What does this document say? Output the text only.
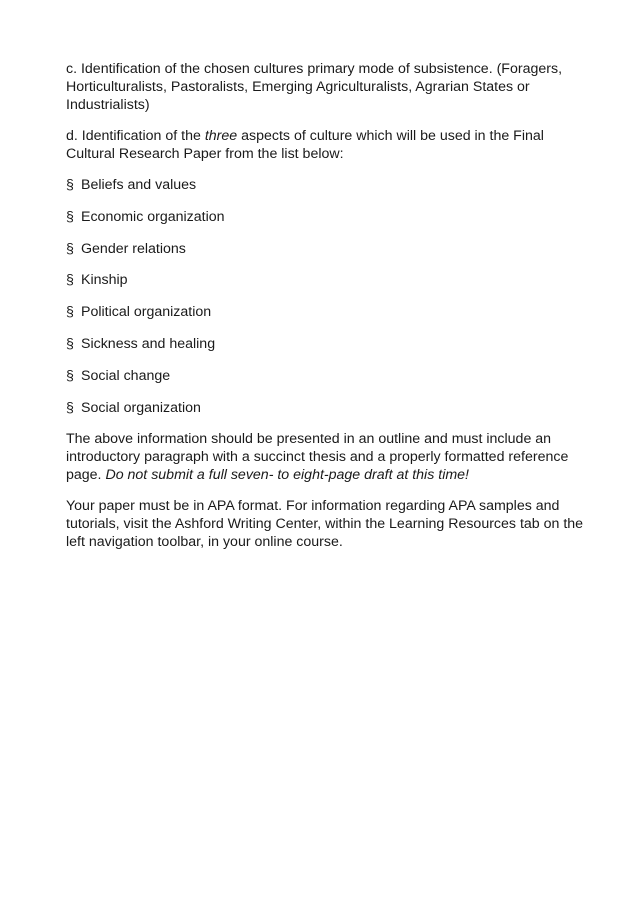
c. Identification of the chosen cultures primary mode of subsistence. (Foragers, Horticulturalists, Pastoralists, Emerging Agriculturalists, Agrarian States or Industrialists)

d. Identification of the three aspects of culture which will be used in the Final Cultural Research Paper from the list below:

§ Beliefs and values
§ Economic organization
§ Gender relations
§ Kinship
§ Political organization
§ Sickness and healing
§ Social change
§ Social organization

The above information should be presented in an outline and must include an introductory paragraph with a succinct thesis and a properly formatted reference page. Do not submit a full seven- to eight-page draft at this time!

Your paper must be in APA format. For information regarding APA samples and tutorials, visit the Ashford Writing Center, within the Learning Resources tab on the left navigation toolbar, in your online course.
